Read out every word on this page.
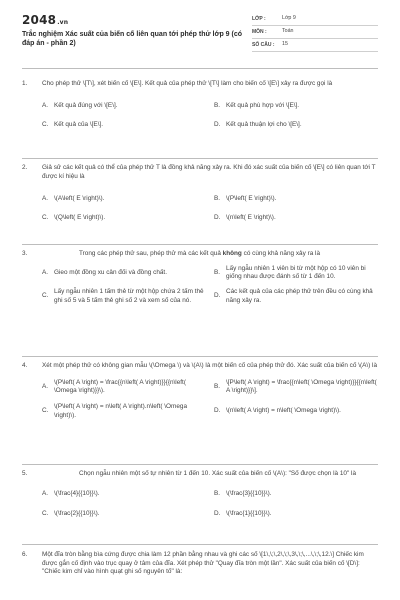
2048.vn
Trắc nghiệm Xác suất của biến cố liên quan tới phép thử lớp 9 (có đáp án - phần 2)
LỚP :	Lớp 9
MÔN :	Toán
SỐ CÂU :	15
1. Cho phép thử \[T\], xét biến cố \[E\]. Kết quả của phép thử \[T\] làm cho biến cố \[E\] xảy ra được gọi là
A. Kết quả đúng với \[E\].	B. Kết quả phù hợp với \[E\].
C. Kết quả của \[E\].	D. Kết quả thuận lợi cho \[E\].
2. Giả sử các kết quả có thể của phép thử T là đồng khả năng xảy ra. Khi đó xác suất của biến cố \[E\] có liên quan tới T được kí hiệu là
A. \(A\left( E \right)\).	B. \(P\left( E \right)\).
C. \(Q\left( E \right)\).	D. \(n\left( E \right)\).
3.	Trong các phép thử sau, phép thử mà các kết quả không có cùng khả năng xảy ra là
A. Gieo một đồng xu cân đối và đồng chất.	B.
Lấy ngẫu nhiên 1 viên bi từ một hộp có 10 viên bi giống nhau được đánh số từ 1 đến 10.
C.
Lấy ngẫu nhiên 1 tấm thẻ từ một hộp chứa 2 tấm thẻ ghi số 5 và 5 tấm thẻ ghi số 2 và xem số của nó.
D.
Các kết quả của các phép thử trên đều có cùng khả năng xảy ra.
4. Xét một phép thử có không gian mẫu \(\Omega \) và \(A\) là một biến cố của phép thử đó. Xác suất của biến cố \(A\) là
A.
\(P\left( A \right) = \frac{{n\left( A \right)}}{{n\left( \Omega \right)}}\).
B.
\[P\left( A \right) = \frac{{n\left( \Omega \right)}}{{n\left( A \right)}}\].
C.
\(P\left( A \right) = n\left( A \right).n\left( \Omega \right)\).
D. \(n\left( A \right) = n\left( \Omega \right)\).
5.	Chọn ngẫu nhiên một số tự nhiên từ 1 đến 10. Xác suất của biến cố \(A\): "Số được chọn là 10" là
A. \(\frac{4}{{10}}\).	B. \(\frac{3}{{10}}\).
C. \(\frac{2}{{10}}\).	D. \(\frac{1}{{10}}\).
6. Một đĩa tròn bằng bìa cứng được chia làm 12 phần bằng nhau và ghi các số \[1\,\;\,2\,\;\,3\,\;\,...\,\;\,12.\] Chiếc kim được gắn cố định vào trục quay ở tâm của đĩa. Xét phép thử "Quay đĩa tròn một lần". Xác suất của biến cố \[D\]: "Chiếc kim chỉ vào hình quạt ghi số nguyên tố" là:
